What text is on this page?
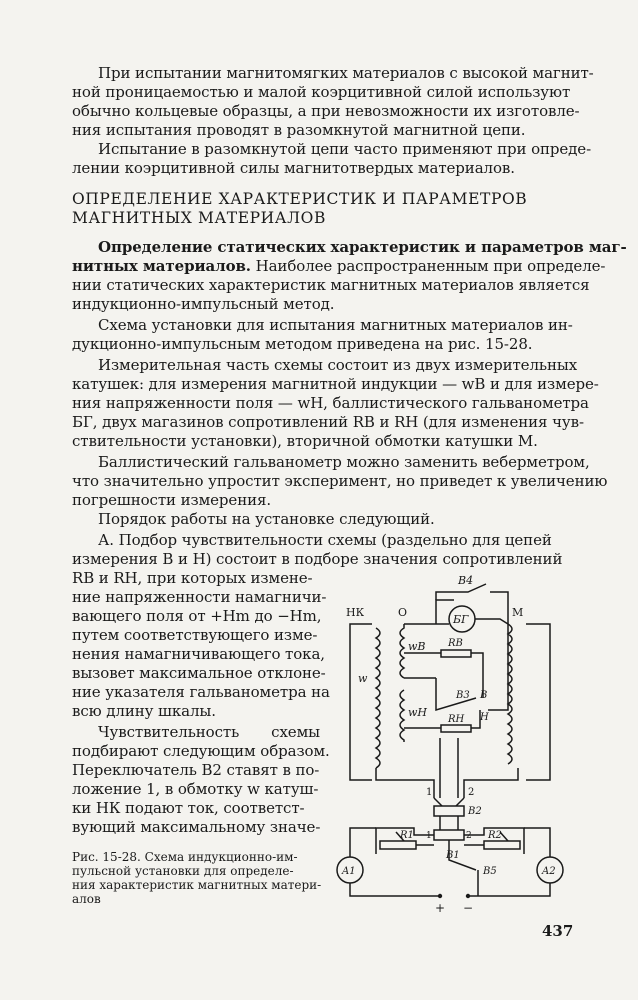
При испытании магнитомягких материалов с высокой магнит-
ной проницаемостью и малой коэрцитивной силой используют
обычно кольцевые образцы, а при невозможности их изготовле-
ния испытания проводят в разомкнутой магнитной цепи.
Испытание в разомкнутой цепи часто применяют при опреде-
лении коэрцитивной силы магнитотвердых материалов.
ОПРЕДЕЛЕНИЕ ХАРАКТЕРИСТИК И ПАРАМЕТРОВ
МАГНИТНЫХ МАТЕРИАЛОВ
Определение статических характеристик и параметров маг-
нитных материалов. Наиболее распространенным при определе-
нии статических характеристик магнитных материалов является
индукционно-импульсный метод.
Схема установки для испытания магнитных материалов ин-
дукционно-импульсным методом приведена на рис. 15-28.
Измерительная часть схемы состоит из двух измерительных
катушек: для измерения магнитной индукции — wB и для измере-
ния напряженности поля — wH, баллистического гальванометра
БГ, двух магазинов сопротивлений RB и RH (для изменения чув-
ствительности установки), вторичной обмотки катушки M.
Баллистический гальванометр можно заменить веберметром,
что значительно упростит эксперимент, но приведет к увеличению
погрешности измерения.
Порядок работы на установке следующий.
А. Подбор чувствительности схемы (раздельно для цепей
измерения B и H) состоит в подборе значения сопротивлений
RB и RH, при которых измене-
ние напряженности намагничи-
вающего поля от +Hm до −Hm,
путем соответствующего изме-
нения намагничивающего тока,
вызовет максимальное отклоне-
ние указателя гальванометра на
всю длину шкалы.
Чувствительность схемы
подбирают следующим образом.
Переключатель B2 ставят в по-
ложение 1, в обмотку w катуш-
ки НК подают ток, соответст-
вующий максимальному значе-
Рис. 15-28. Схема индукционно-им-
пульсной установки для определе-
ния характеристик магнитных матери-
алов
НК	О	М
B4
БГ
wB
w
wH
RB
RH
B3 B
H
1	2
B2
R1	R2
1	2
B1
B5
A1	A2
+ −
437
